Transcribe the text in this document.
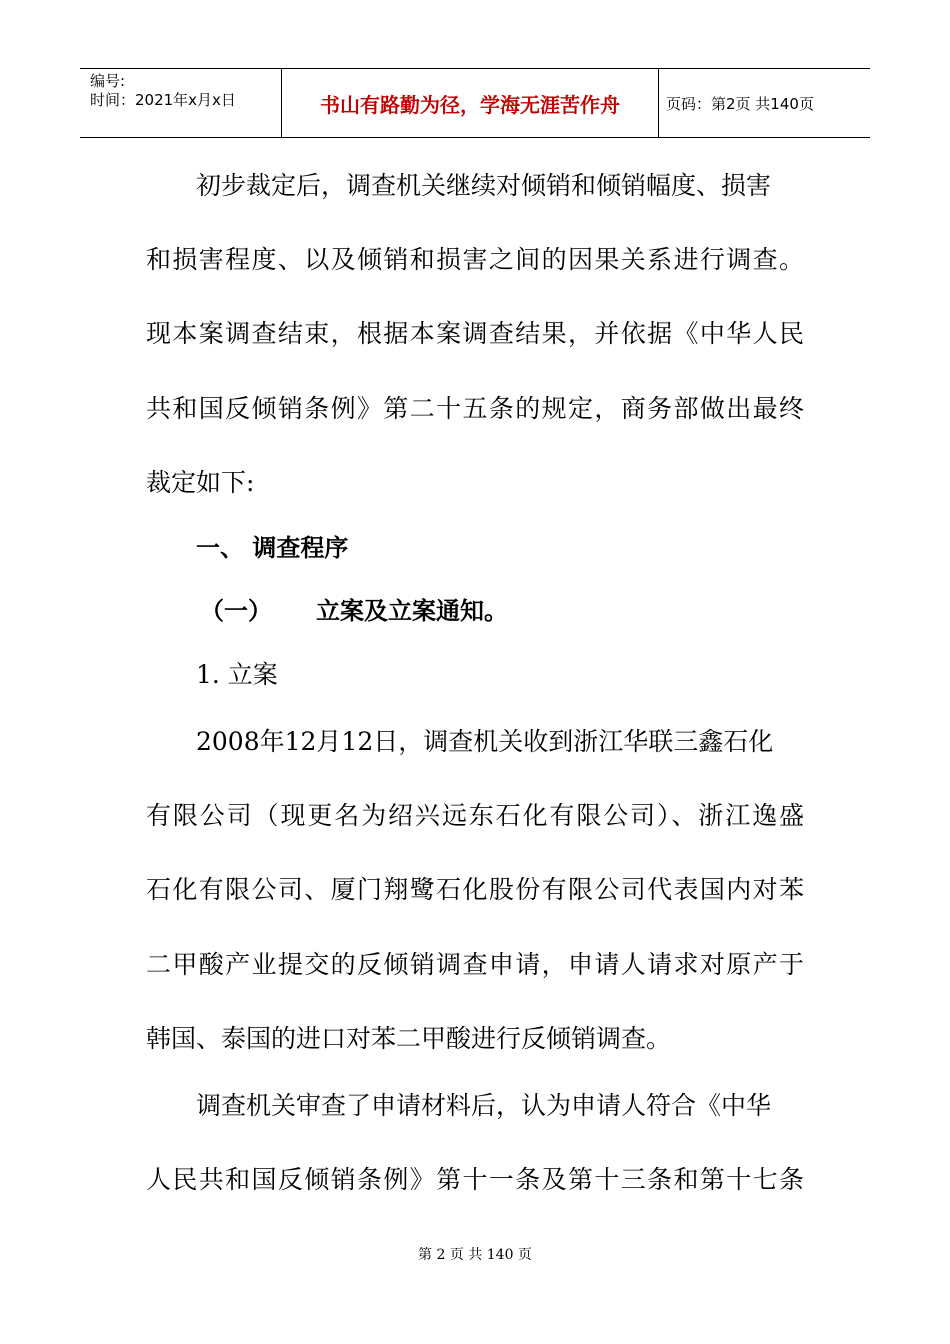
编号:
时间：2021年x月x日	书山有路勤为径，学海无涯苦作舟	页码：第2页 共140页
初步裁定后，调查机关继续对倾销和倾销幅度、损害
和损害程度、以及倾销和损害之间的因果关系进行调查。
现本案调查结束，根据本案调查结果，并依据《中华人民
共和国反倾销条例》第二十五条的规定，商务部做出最终
裁定如下:
一、 调查程序
（一） 立案及立案通知。
1. 立案
2008年12月12日，调查机关收到浙江华联三鑫石化
有限公司（现更名为绍兴远东石化有限公司）、浙江逸盛
石化有限公司、厦门翔鹭石化股份有限公司代表国内对苯
二甲酸产业提交的反倾销调查申请，申请人请求对原产于
韩国、泰国的进口对苯二甲酸进行反倾销调查。
调查机关审查了申请材料后，认为申请人符合《中华
人民共和国反倾销条例》第十一条及第十三条和第十七条
第 2 页 共 140 页
